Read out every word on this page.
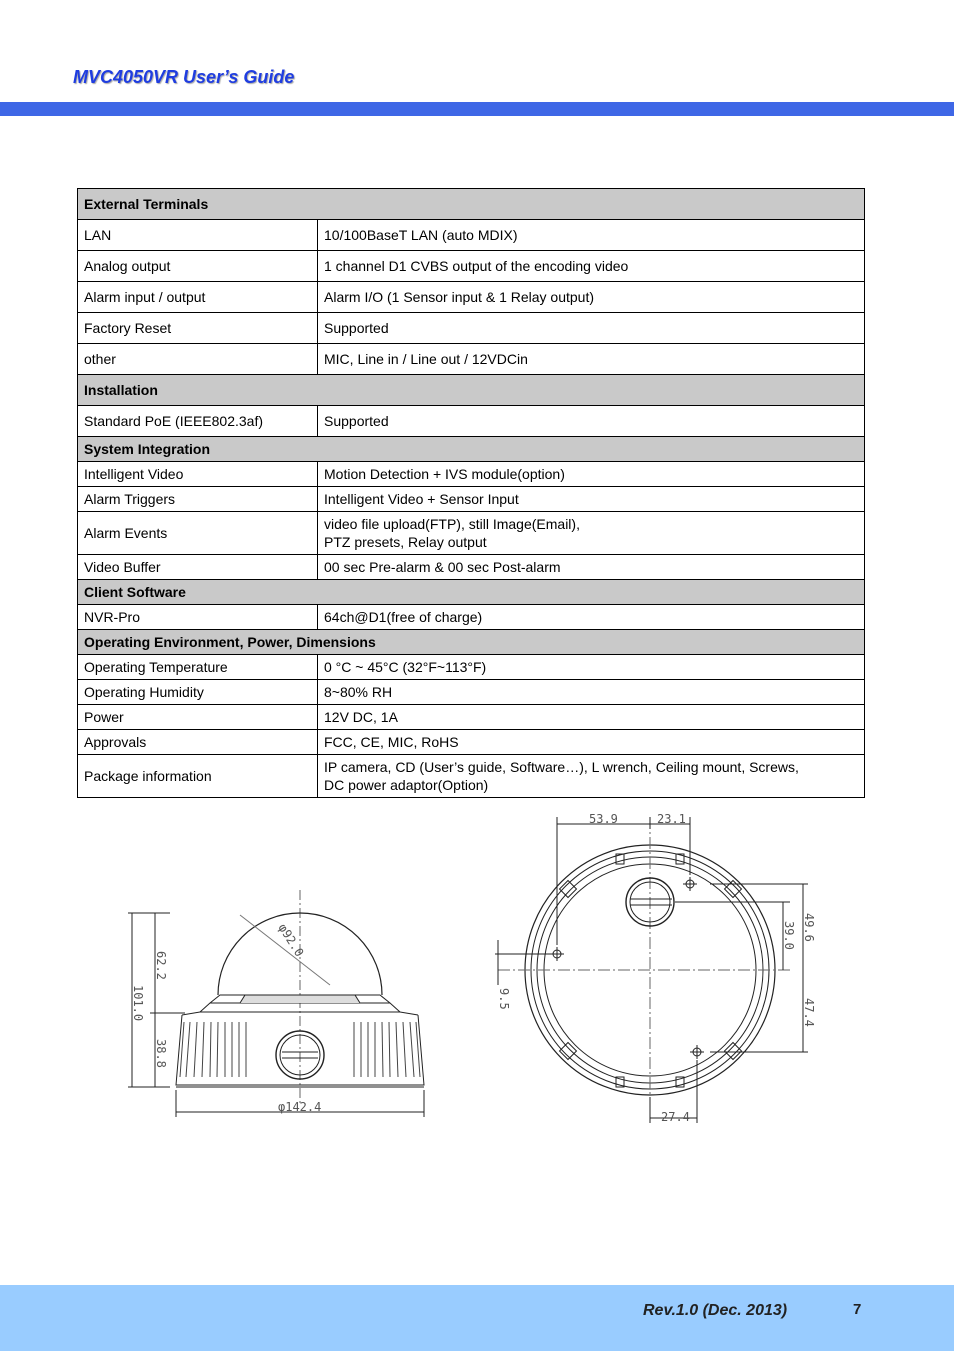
MVC4050VR User’s Guide
External Terminals	
LAN	10/100BaseT LAN (auto MDIX)

Analog output	1 channel D1 CVBS output of the encoding video

Alarm input / output	Alarm I/O (1 Sensor input & 1 Relay output)

Factory Reset	Supported

other	MIC, Line in / Line out / 12VDCin

Installation	
Standard PoE (IEEE802.3af)	Supported

System Integration	
Intelligent Video	Motion Detection + IVS module(option)

Alarm Triggers	Intelligent Video + Sensor Input

Alarm Events	video file upload(FTP), still Image(Email),
PTZ presets, Relay output

Video Buffer	00 sec Pre-alarm & 00 sec Post-alarm

Client Software	
NVR-Pro	64ch@D1(free of charge)

Operating Environment, Power, Dimensions	
Operating Temperature	0 °C ~ 45°C (32°F~113°F)

Operating Humidity	8~80% RH

Power	12V DC, 1A

Approvals	FCC, CE, MIC, RoHS

Package information	IP camera, CD (User’s guide, Software…), L wrench, Ceiling mount, Screws,
DC power adaptor(Option)
101.0
62.2
38.8
φ92.0
φ142.4
53.9	23.1
49.6
39.0
47.4
9.5
27.4
Rev.1.0 (Dec. 2013)	7
